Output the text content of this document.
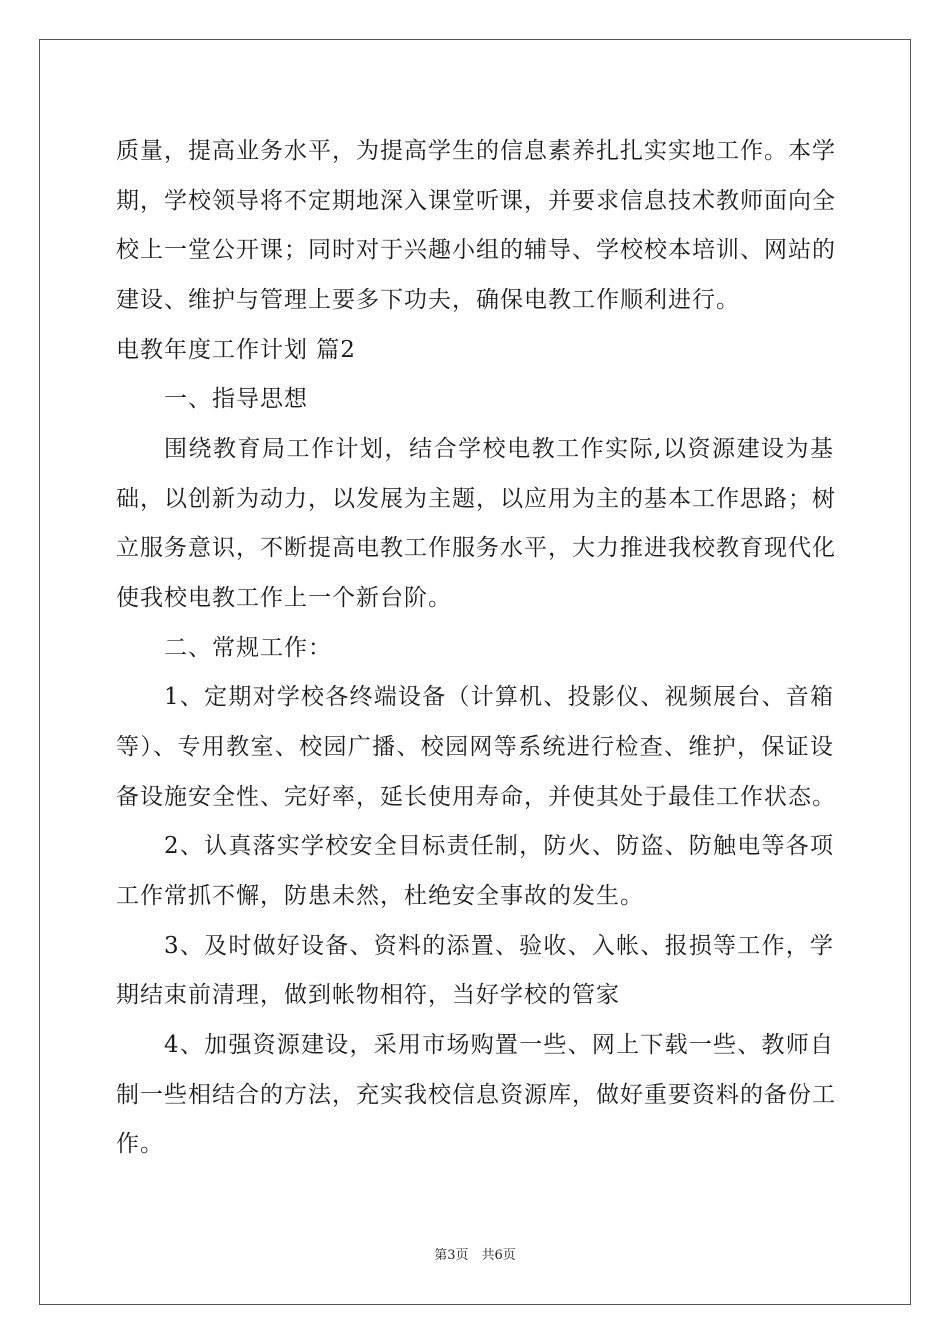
质量，提高业务水平，为提高学生的信息素养扎扎实实地工作。本学
期，学校领导将不定期地深入课堂听课，并要求信息技术教师面向全
校上一堂公开课；同时对于兴趣小组的辅导、学校校本培训、网站的
建设、维护与管理上要多下功夫，确保电教工作顺利进行。
电教年度工作计划 篇2
一、指导思想
围绕教育局工作计划，结合学校电教工作实际,以资源建设为基
础，以创新为动力，以发展为主题，以应用为主的基本工作思路；树
立服务意识，不断提高电教工作服务水平，大力推进我校教育现代化
使我校电教工作上一个新台阶。
二、常规工作：
1、定期对学校各终端设备（计算机、投影仪、视频展台、音箱
等）、专用教室、校园广播、校园网等系统进行检查、维护，保证设
备设施安全性、完好率，延长使用寿命，并使其处于最佳工作状态。
2、认真落实学校安全目标责任制，防火、防盗、防触电等各项
工作常抓不懈，防患未然，杜绝安全事故的发生。
3、及时做好设备、资料的添置、验收、入帐、报损等工作，学
期结束前清理，做到帐物相符，当好学校的管家
4、加强资源建设，采用市场购置一些、网上下载一些、教师自
制一些相结合的方法，充实我校信息资源库，做好重要资料的备份工
作。
第3页　共6页
